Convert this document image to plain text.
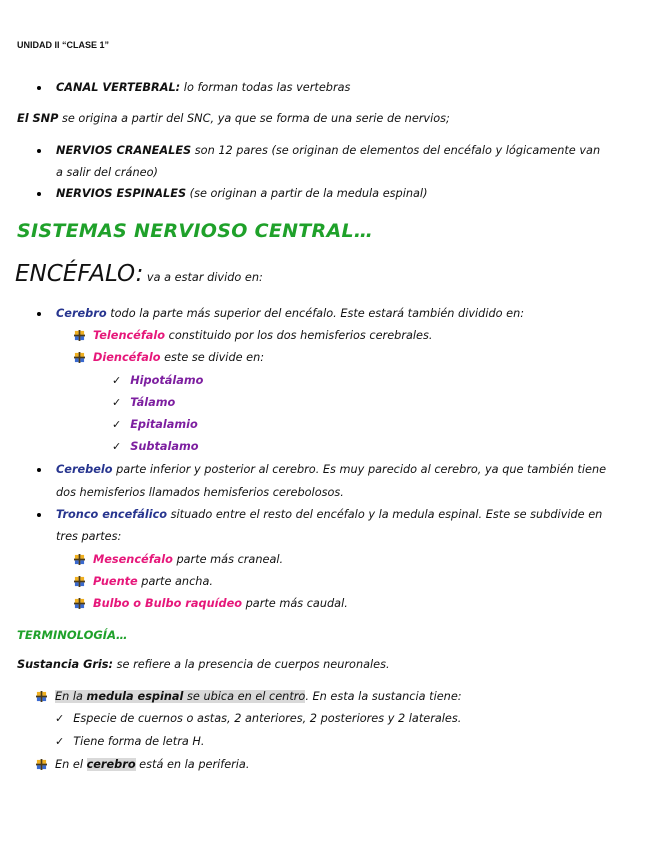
UNIDAD II “CLASE 1”
CANAL VERTEBRAL: lo forman todas las vertebras
El SNP se origina a partir del SNC, ya que se forma de una serie de nervios;
NERVIOS CRANEALES son 12 pares (se originan de elementos del encéfalo y lógicamente van
a salir del cráneo)
NERVIOS ESPINALES (se originan a partir de la medula espinal)
SISTEMAS NERVIOSO CENTRAL…
ENCÉFALO: va a estar divido en:
Cerebro todo la parte más superior del encéfalo. Este estará también dividido en:
Telencéfalo constituido por los dos hemisferios cerebrales.
Diencéfalo este se divide en:
✓ Hipotálamo
✓ Tálamo
✓ Epitalamio
✓ Subtalamo
Cerebelo parte inferior y posterior al cerebro. Es muy parecido al cerebro, ya que también tiene
dos hemisferios llamados hemisferios cerebolosos.
Tronco encefálico situado entre el resto del encéfalo y la medula espinal. Este se subdivide en
tres partes:
Mesencéfalo parte más craneal.
Puente parte ancha.
Bulbo o Bulbo raquídeo parte más caudal.
TERMINOLOGÍA…
Sustancia Gris: se refiere a la presencia de cuerpos neuronales.
En la medula espinal se ubica en el centro. En esta la sustancia tiene:
✓ Especie de cuernos o astas, 2 anteriores, 2 posteriores y 2 laterales.
✓ Tiene forma de letra H.
En el cerebro está en la periferia.
